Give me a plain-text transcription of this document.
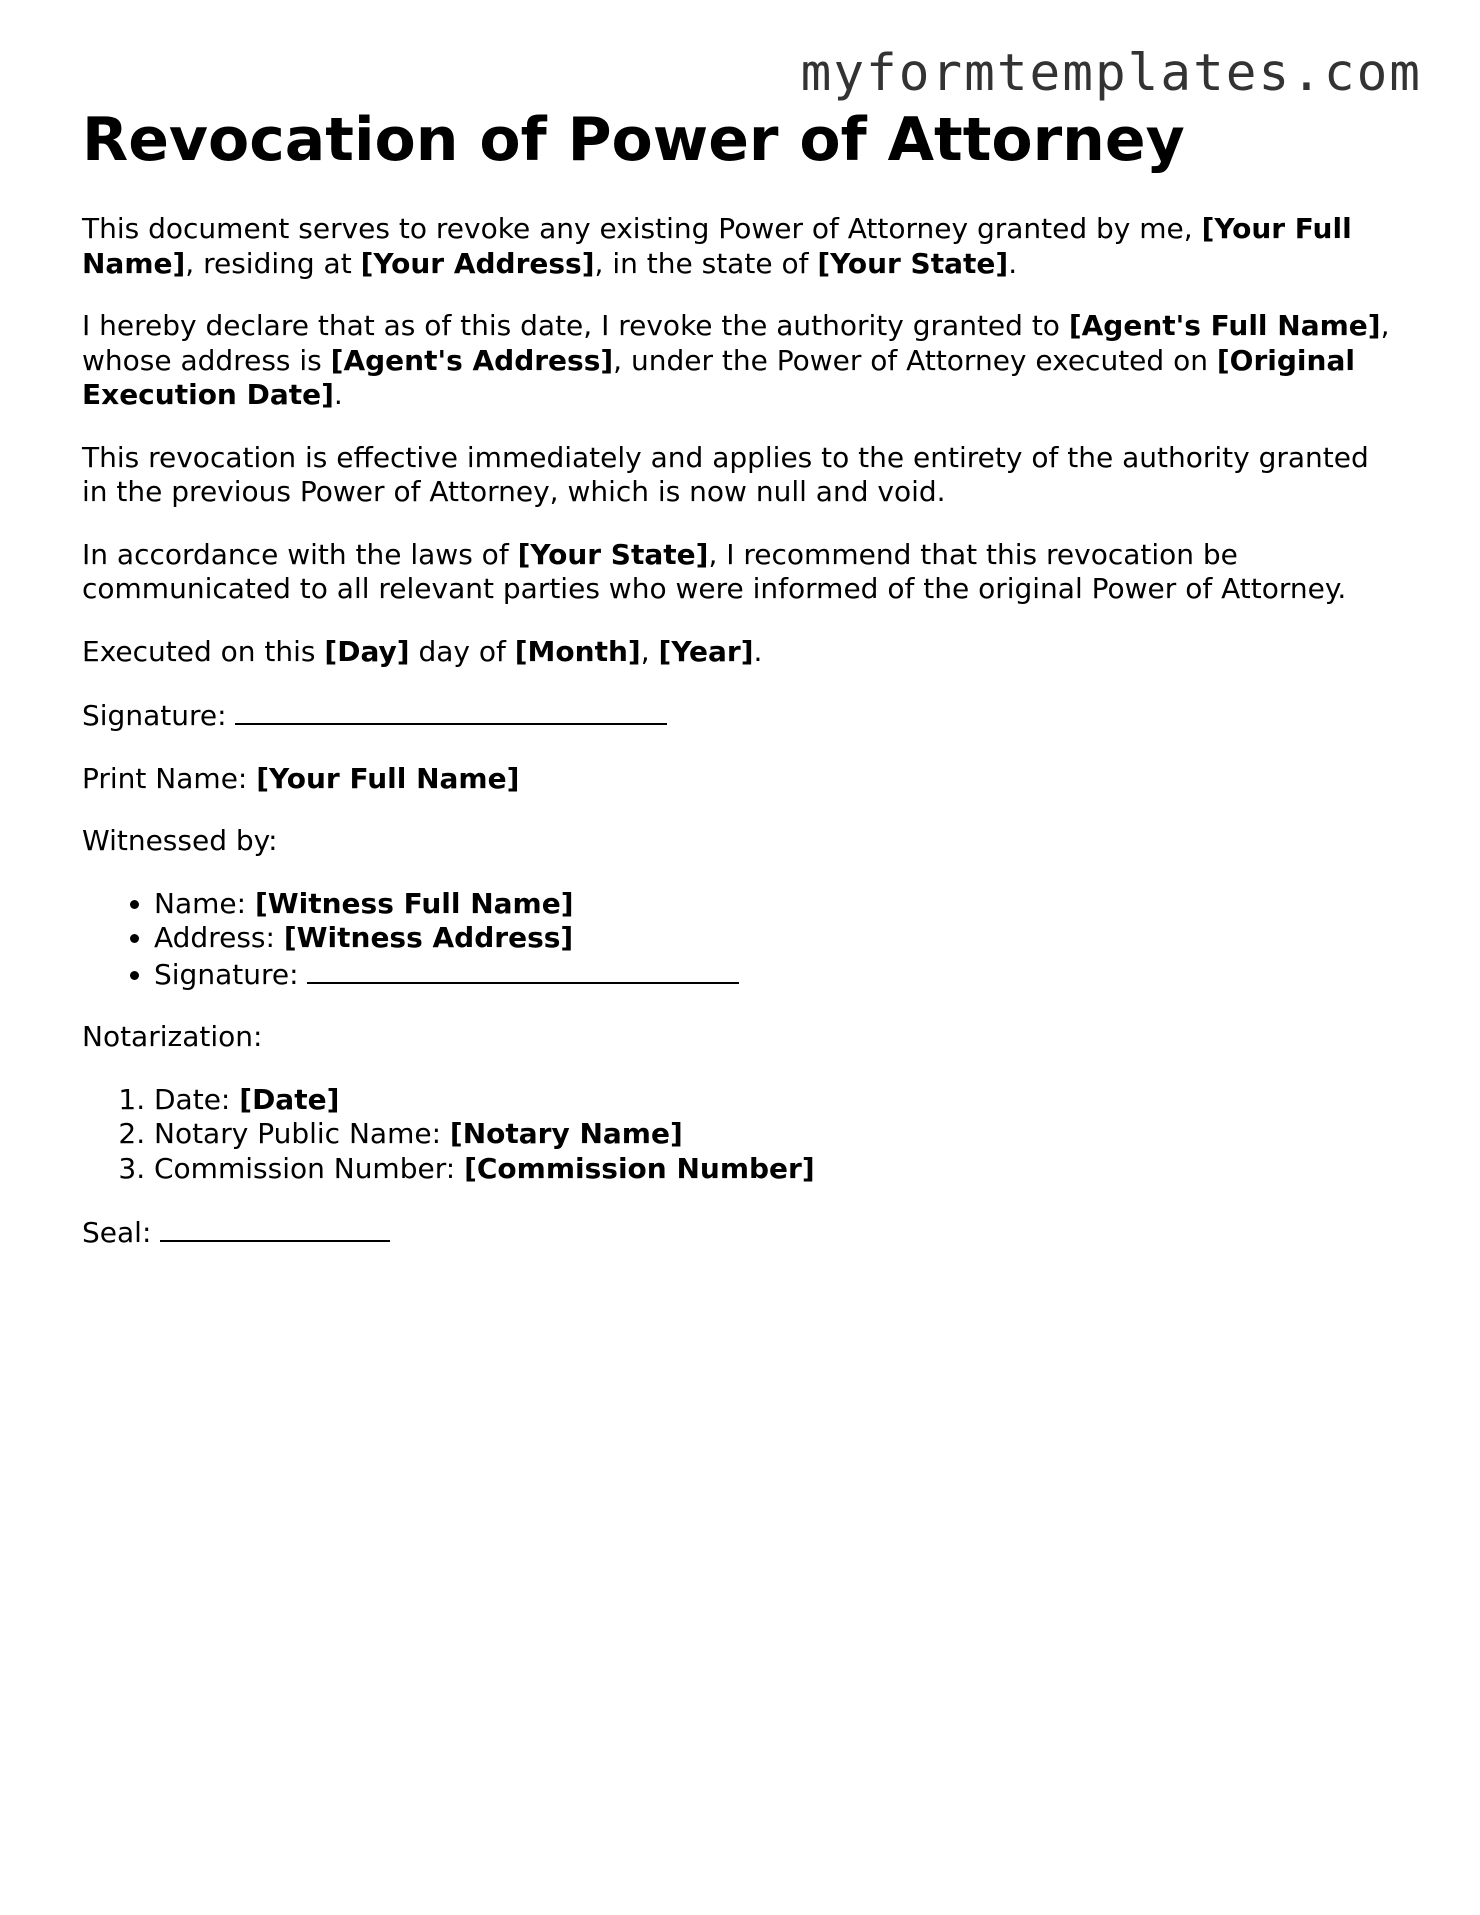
myformtemplates.com
Revocation of Power of Attorney

This document serves to revoke any existing Power of Attorney granted by me, [Your Full Name], residing at [Your Address], in the state of [Your State].

I hereby declare that as of this date, I revoke the authority granted to [Agent's Full Name], whose address is [Agent's Address], under the Power of Attorney executed on [Original Execution Date].

This revocation is effective immediately and applies to the entirety of the authority granted in the previous Power of Attorney, which is now null and void.

In accordance with the laws of [Your State], I recommend that this revocation be communicated to all relevant parties who were informed of the original Power of Attorney.

Executed on this [Day] day of [Month], [Year].

Signature:

Print Name: [Your Full Name]

Witnessed by:

• Name: [Witness Full Name]
• Address: [Witness Address]
• Signature:

Notarization:

1. Date: [Date]
2. Notary Public Name: [Notary Name]
3. Commission Number: [Commission Number]

Seal:
